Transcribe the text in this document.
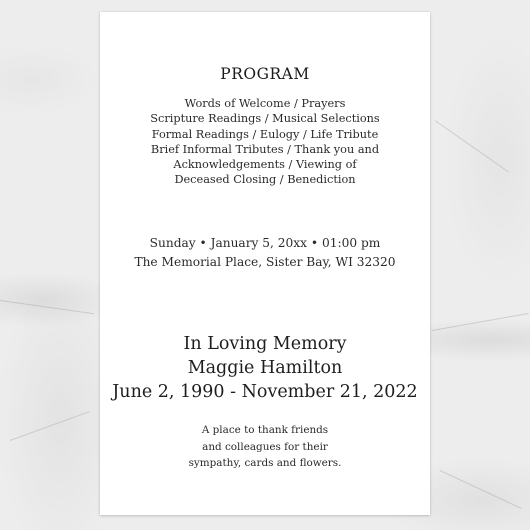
PROGRAM
Words of Welcome / Prayers
Scripture Readings / Musical Selections
Formal Readings / Eulogy / Life Tribute
Brief Informal Tributes / Thank you and
Acknowledgements / Viewing of
Deceased Closing / Benediction
Sunday • January 5, 20xx • 01:00 pm
The Memorial Place, Sister Bay, WI 32320
In Loving Memory
Maggie Hamilton
June 2, 1990 - November 21, 2022
A place to thank friends
and colleagues for their
sympathy, cards and flowers.
